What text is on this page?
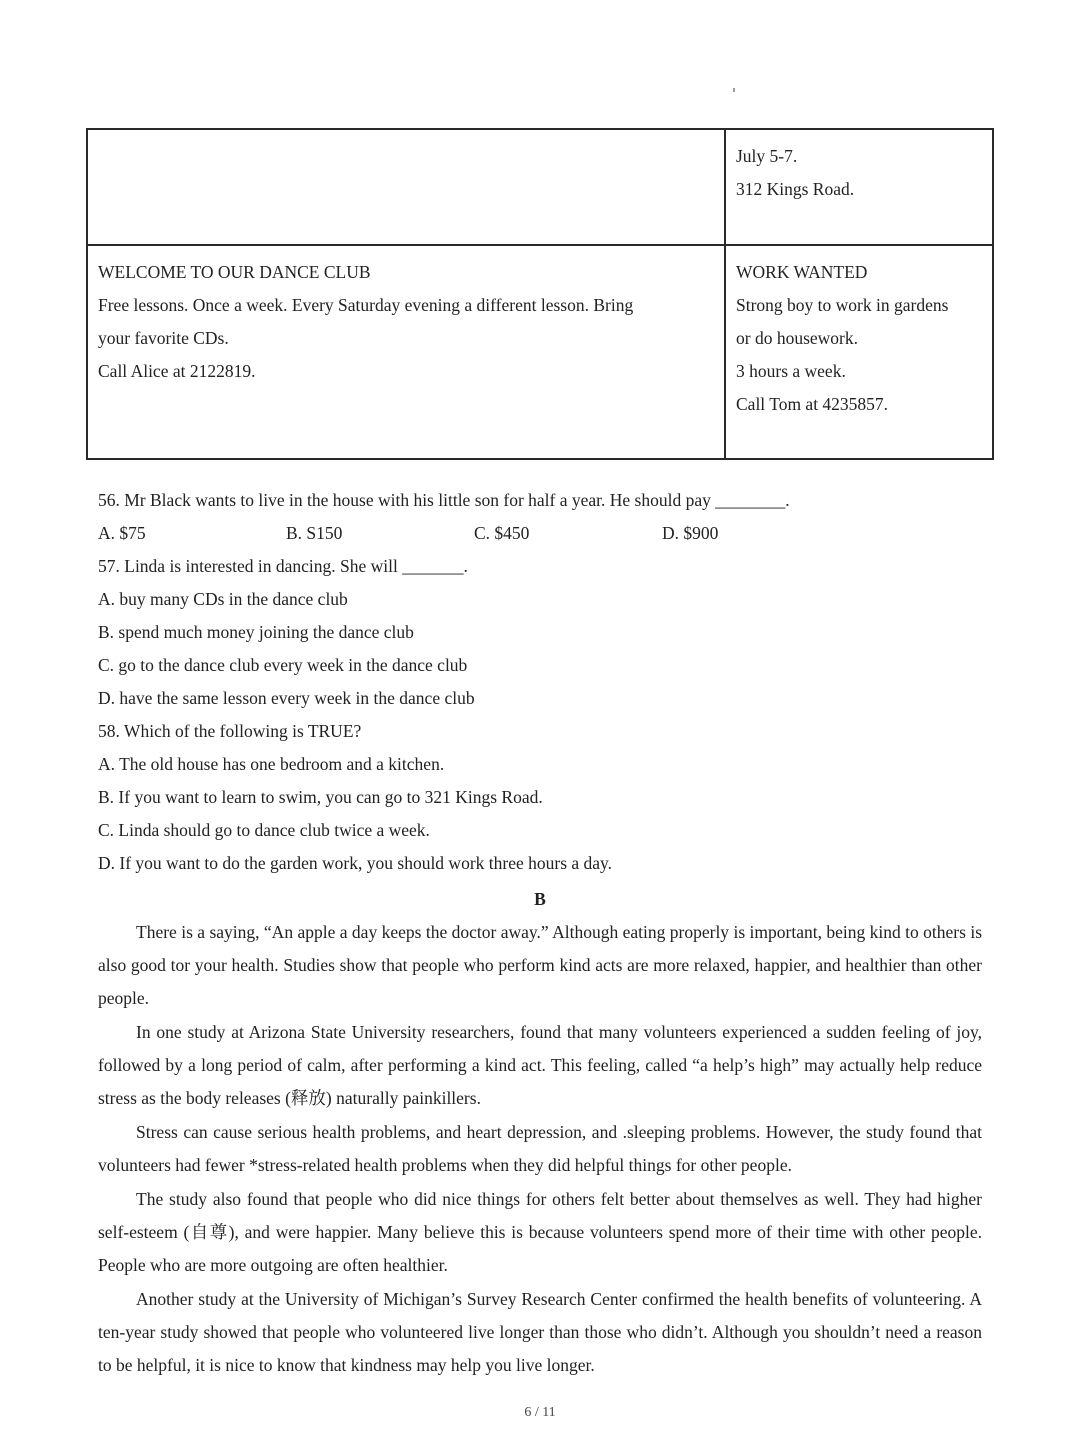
	July 5-7.
312 Kings Road.

WELCOME TO OUR DANCE CLUB
Free lessons. Once a week. Every Saturday evening a different lesson. Bring
your favorite CDs.
Call Alice at 2122819.	WORK WANTED
Strong boy to work in gardens
or do housework.
3 hours a week.
Call Tom at 4235857.
56. Mr Black wants to live in the house with his little son for half a year. He should pay ________.
A. $75	B. S150	C. $450	D. $900
57. Linda is interested in dancing. She will _______.
A. buy many CDs in the dance club
B. spend much money joining the dance club
C. go to the dance club every week in the dance club
D. have the same lesson every week in the dance club
58. Which of the following is TRUE?
A. The old house has one bedroom and a kitchen.
B. If you want to learn to swim, you can go to 321 Kings Road.
C. Linda should go to dance club twice a week.
D. If you want to do the garden work, you should work three hours a day.
B

There is a saying, “An apple a day keeps the doctor away.” Although eating properly is important, being kind to others is also good tor your health. Studies show that people who perform kind acts are more relaxed, happier, and healthier than other people.

In one study at Arizona State University researchers, found that many volunteers experienced a sudden feeling of joy, followed by a long period of calm, after performing a kind act. This feeling, called “a help’s high” may actually help reduce stress as the body releases (释放) naturally painkillers.

Stress can cause serious health problems, and heart depression, and .sleeping problems. However, the study found that volunteers had fewer *stress-related health problems when they did helpful things for other people.

The study also found that people who did nice things for others felt better about themselves as well. They had higher self-esteem (自尊), and were happier. Many believe this is because volunteers spend more of their time with other people. People who are more outgoing are often healthier.

Another study at the University of Michigan’s Survey Research Center confirmed the health benefits of volunteering. A ten-year study showed that people who volunteered live longer than those who didn’t. Although you shouldn’t need a reason to be helpful, it is nice to know that kindness may help you live longer.

6 / 11
